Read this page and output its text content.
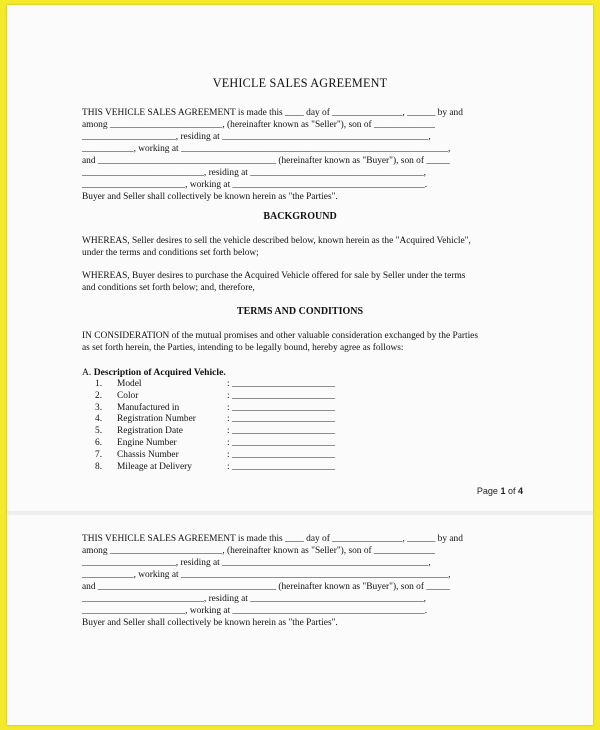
VEHICLE SALES AGREEMENT
THIS VEHICLE SALES AGREEMENT is made this ____ day of _______________, ______ by and
among ________________________, (hereinafter known as "Seller"), son of _____________
____________________, residing at ____________________________________________,
___________, working at _________________________________________________________,
and ______________________________________ (hereinafter known as "Buyer"), son of _____
__________________________, residing at _____________________________________,
______________________, working at _________________________________________.
Buyer and Seller shall collectively be known herein as "the Parties".
BACKGROUND
WHEREAS, Seller desires to sell the vehicle described below, known herein as the "Acquired Vehicle",
under the terms and conditions set forth below;
WHEREAS, Buyer desires to purchase the Acquired Vehicle offered for sale by Seller under the terms
and conditions set forth below; and, therefore,
TERMS AND CONDITIONS
IN CONSIDERATION of the mutual promises and other valuable consideration exchanged by the Parties
as set forth herein, the Parties, intending to be legally bound, hereby agree as follows:
A. Description of Acquired Vehicle.
1. Model	: ______________________
2. Color	: ______________________
3. Manufactured in	: ______________________
4. Registration Number	: ______________________
5. Registration Date	: ______________________
6. Engine Number	: ______________________
7. Chassis Number	: ______________________
8. Mileage at Delivery	: ______________________
Page 1 of 4
THIS VEHICLE SALES AGREEMENT is made this ____ day of _______________, ______ by and
among ________________________, (hereinafter known as "Seller"), son of _____________
____________________, residing at ____________________________________________,
___________, working at _________________________________________________________,
and ______________________________________ (hereinafter known as "Buyer"), son of _____
__________________________, residing at _____________________________________,
______________________, working at _________________________________________.
Buyer and Seller shall collectively be known herein as "the Parties".
